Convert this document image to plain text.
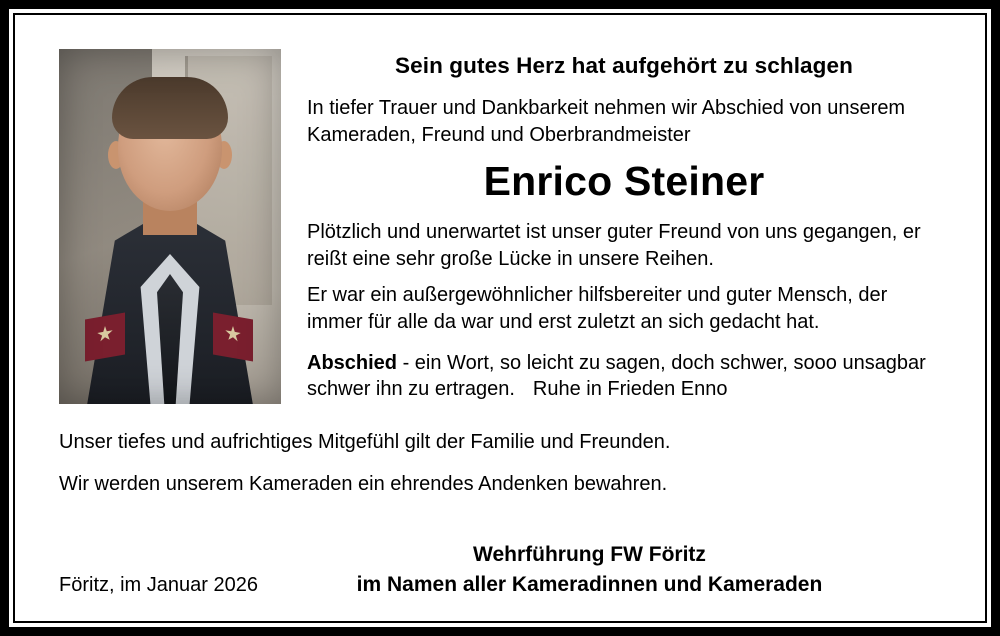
Sein gutes Herz hat aufgehört zu schlagen

In tiefer Trauer und Dankbarkeit nehmen wir Abschied von unserem Kameraden, Freund und Oberbrandmeister

Enrico Steiner

Plötzlich und unerwartet ist unser guter Freund von uns gegangen, er reißt eine sehr große Lücke in unsere Reihen.

Er war ein außergewöhnlicher hilfsbereiter und guter Mensch, der immer für alle da war und erst zuletzt an sich gedacht hat.

Abschied - ein Wort, so leicht zu sagen, doch schwer, sooo unsagbar schwer ihn zu ertragen. Ruhe in Frieden Enno

Unser tiefes und aufrichtiges Mitgefühl gilt der Familie und Freunden.

Wir werden unserem Kameraden ein ehrendes Andenken bewahren.

Föritz, im Januar 2026
Wehrführung FW Föritz
im Namen aller Kameradinnen und Kameraden
